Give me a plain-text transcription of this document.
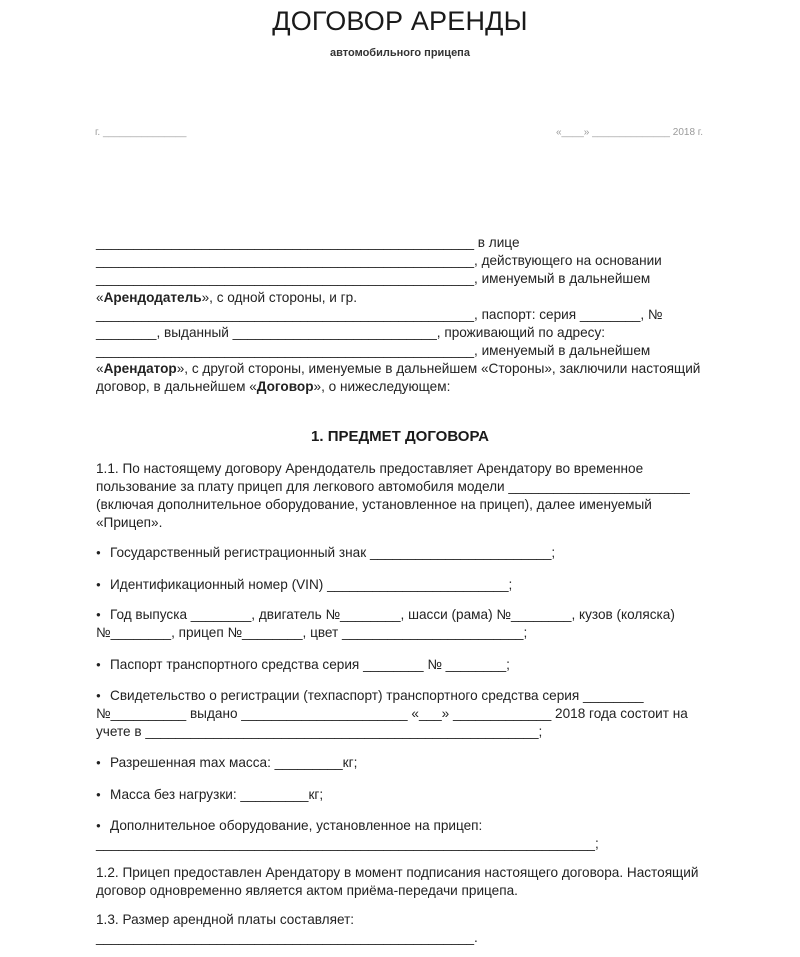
ДОГОВОР АРЕНДЫ
автомобильного прицепа
г. _______________	«____» ______________ 2018 г.
__________________________________________________ в лице
__________________________________________________, действующего на основании
__________________________________________________, именуемый в дальнейшем
«Арендодатель», с одной стороны, и гр.
__________________________________________________, паспорт: серия ________, №
________, выданный ___________________________, проживающий по адресу:
__________________________________________________, именуемый в дальнейшем
«Арендатор», с другой стороны, именуемые в дальнейшем «Стороны», заключили настоящий
договор, в дальнейшем «Договор», о нижеследующем:
1. ПРЕДМЕТ ДОГОВОРА
1.1. По настоящему договору Арендодатель предоставляет Арендатору во временное
пользование за плату прицеп для легкового автомобиля модели ________________________
(включая дополнительное оборудование, установленное на прицеп), далее именуемый
«Прицеп».
● Государственный регистрационный знак ________________________;
● Идентификационный номер (VIN) ________________________;
● Год выпуска ________, двигатель №________, шасси (рама) №________, кузов (коляска)
№________, прицеп №________, цвет ________________________;
● Паспорт транспортного средства серия ________ № ________;
● Свидетельство о регистрации (техпаспорт) транспортного средства серия ________
№__________ выдано ______________________ «___» _____________ 2018 года состоит на
учете в ____________________________________________________;
● Разрешенная max масса: _________кг;
● Масса без нагрузки: _________кг;
● Дополнительное оборудование, установленное на прицеп:
__________________________________________________________________;
1.2. Прицеп предоставлен Арендатору в момент подписания настоящего договора. Настоящий
договор одновременно является актом приёма-передачи прицепа.
1.3. Размер арендной платы составляет:
__________________________________________________.
